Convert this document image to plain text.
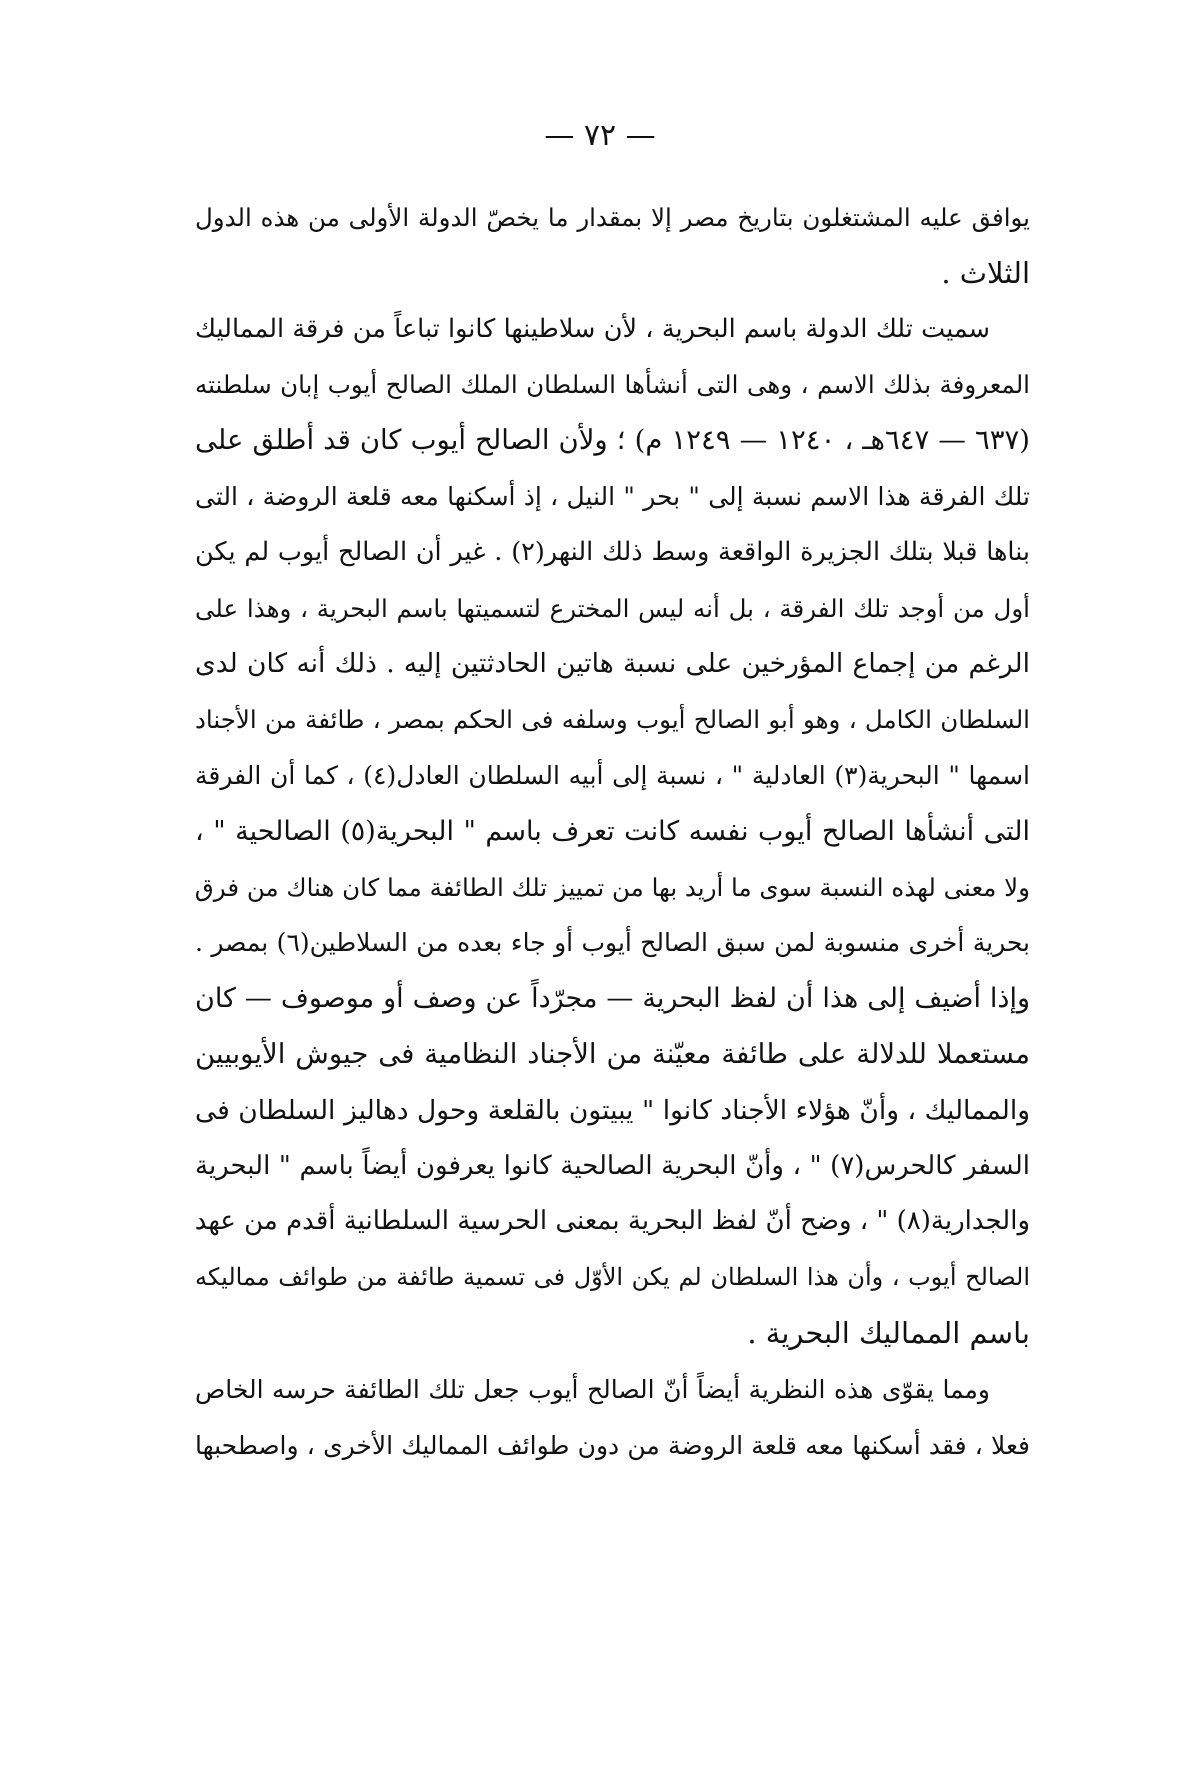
— ٧٢ —
يوافق عليه المشتغلون بتاريخ مصر إلا بمقدار ما يخصّ الدولة الأولى من هذه الدول
الثلاث .
سميت تلك الدولة باسم البحرية ، لأن سلاطينها كانوا تباعاً من فرقة المماليك
المعروفة بذلك الاسم ، وهى التى أنشأها السلطان الملك الصالح أيوب إبان سلطنته
(٦٣٧ — ٦٤٧هـ ، ١٢٤٠ — ١٢٤٩ م) ؛ ولأن الصالح أيوب كان قد أطلق على
تلك الفرقة هذا الاسم نسبة إلى " بحر " النيل ، إذ أسكنها معه قلعة الروضة ، التى
بناها قبلا بتلك الجزيرة الواقعة وسط ذلك النهر(٢) . غير أن الصالح أيوب لم يكن
أول من أوجد تلك الفرقة ، بل أنه ليس المخترع لتسميتها باسم البحرية ، وهذا على
الرغم من إجماع المؤرخين على نسبة هاتين الحادثتين إليه . ذلك أنه كان لدى
السلطان الكامل ، وهو أبو الصالح أيوب وسلفه فى الحكم بمصر ، طائفة من الأجناد
اسمها " البحرية(٣) العادلية " ، نسبة إلى أبيه السلطان العادل(٤) ، كما أن الفرقة
التى أنشأها الصالح أيوب نفسه كانت تعرف باسم " البحرية(٥) الصالحية " ،
ولا معنى لهذه النسبة سوى ما أريد بها من تمييز تلك الطائفة مما كان هناك من فرق
بحرية أخرى منسوبة لمن سبق الصالح أيوب أو جاء بعده من السلاطين(٦) بمصر .
وإذا أضيف إلى هذا أن لفظ البحرية — مجرّداً عن وصف أو موصوف — كان
مستعملا للدلالة على طائفة معيّنة من الأجناد النظامية فى جيوش الأيوبيين
والمماليك ، وأنّ هؤلاء الأجناد كانوا " يبيتون بالقلعة وحول دهاليز السلطان فى
السفر كالحرس(٧) " ، وأنّ البحرية الصالحية كانوا يعرفون أيضاً باسم " البحرية
والجدارية(٨) " ، وضح أنّ لفظ البحرية بمعنى الحرسية السلطانية أقدم من عهد
الصالح أيوب ، وأن هذا السلطان لم يكن الأوّل فى تسمية طائفة من طوائف مماليكه
باسم المماليك البحرية .
ومما يقوّى هذه النظرية أيضاً أنّ الصالح أيوب جعل تلك الطائفة حرسه الخاص
فعلا ، فقد أسكنها معه قلعة الروضة من دون طوائف المماليك الأخرى ، واصطحبها
